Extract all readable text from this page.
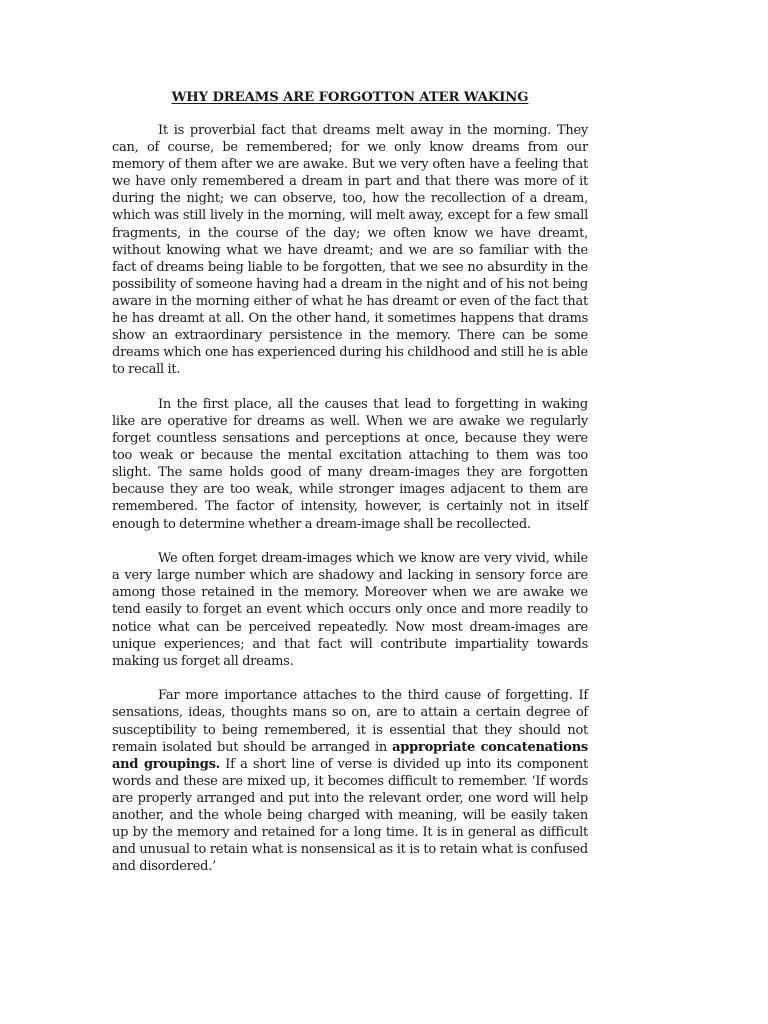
WHY DREAMS ARE FORGOTTON ATER WAKING

It is proverbial fact that dreams melt away in the morning. They can, of course, be remembered; for we only know dreams from our memory of them after we are awake. But we very often have a feeling that we have only remembered a dream in part and that there was more of it during the night; we can observe, too, how the recollection of a dream, which was still lively in the morning, will melt away, except for a few small fragments, in the course of the day; we often know we have dreamt, without knowing what we have dreamt; and we are so familiar with the fact of dreams being liable to be forgotten, that we see no absurdity in the possibility of someone having had a dream in the night and of his not being aware in the morning either of what he has dreamt or even of the fact that he has dreamt at all. On the other hand, it sometimes happens that drams show an extraordinary persistence in the memory. There can be some dreams which one has experienced during his childhood and still he is able to recall it.

In the first place, all the causes that lead to forgetting in waking like are operative for dreams as well. When we are awake we regularly forget countless sensations and perceptions at once, because they were too weak or because the mental excitation attaching to them was too slight. The same holds good of many dream-images they are forgotten because they are too weak, while stronger images adjacent to them are remembered. The factor of intensity, however, is certainly not in itself enough to determine whether a dream-image shall be recollected.

We often forget dream-images which we know are very vivid, while a very large number which are shadowy and lacking in sensory force are among those retained in the memory. Moreover when we are awake we tend easily to forget an event which occurs only once and more readily to notice what can be perceived repeatedly. Now most dream-images are unique experiences; and that fact will contribute impartiality towards making us forget all dreams.

Far more importance attaches to the third cause of forgetting. If sensations, ideas, thoughts mans so on, are to attain a certain degree of susceptibility to being remembered, it is essential that they should not remain isolated but should be arranged in appropriate concatenations and groupings. If a short line of verse is divided up into its component words and these are mixed up, it becomes difficult to remember. ‘If words are properly arranged and put into the relevant order, one word will help another, and the whole being charged with meaning, will be easily taken up by the memory and retained for a long time. It is in general as difficult and unusual to retain what is nonsensical as it is to retain what is confused and disordered.’
